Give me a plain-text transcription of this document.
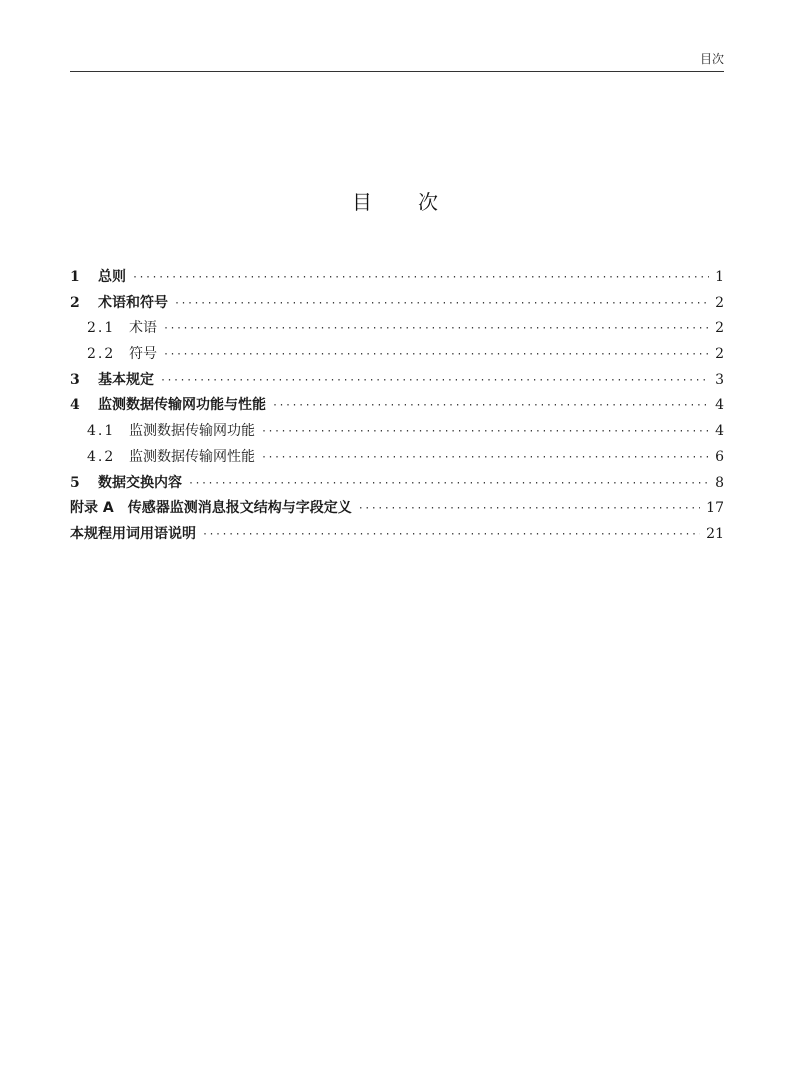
目次
目次
1	总则 ·····	1
2	术语和符号 ·····	2
2.1 术语 ·····	2
2.2 符号 ·····	2
3	基本规定 ·····	3
4	监测数据传输网功能与性能 ·····	4
4.1 监测数据传输网功能 ·····	4
4.2 监测数据传输网性能 ·····	6
5	数据交换内容 ·····	8
附录 A　传感器监测消息报文结构与字段定义 ·····	17
本规程用词用语说明 ·····	21
